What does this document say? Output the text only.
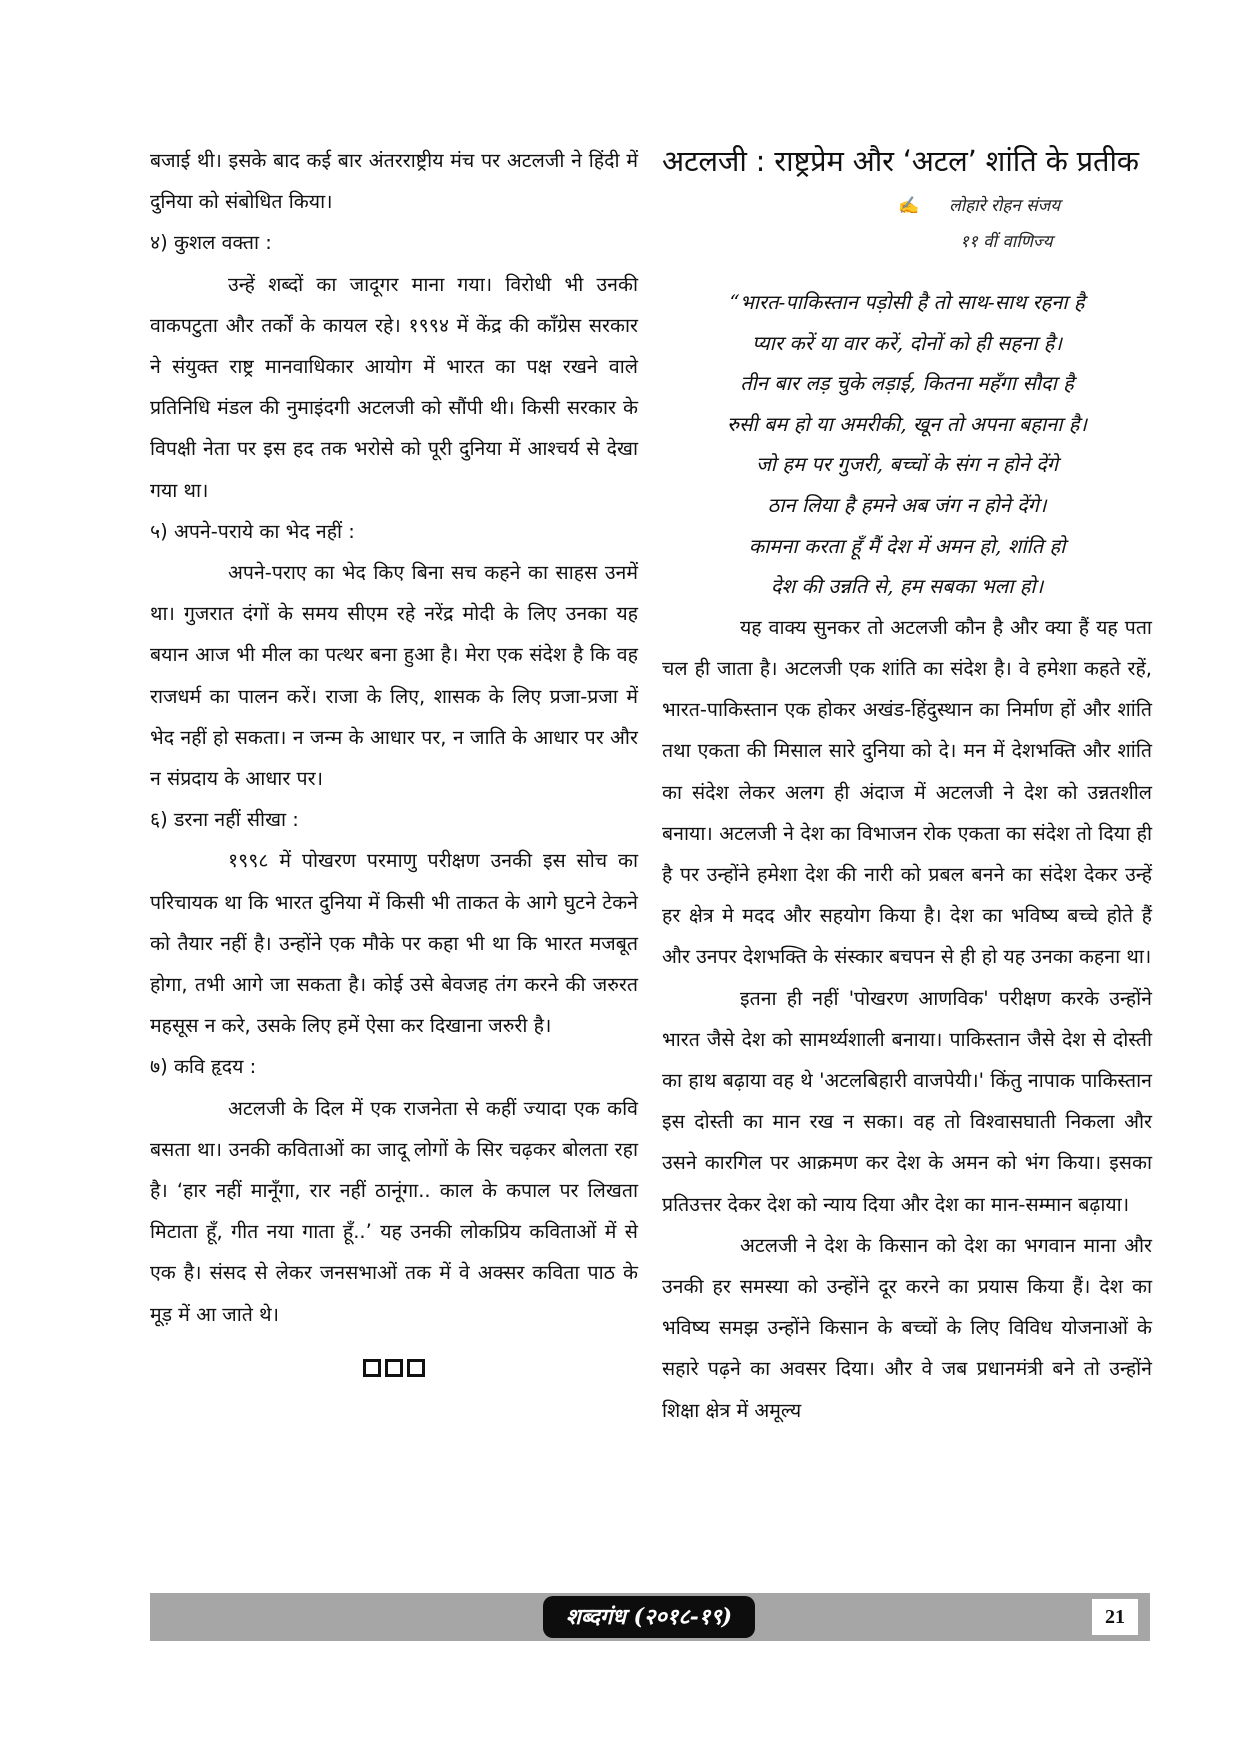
बजाई थी। इसके बाद कई बार अंतरराष्ट्रीय मंच पर अटलजी ने हिंदी में दुनिया को संबोधित किया।

४) कुशल वक्ता :

उन्हें शब्दों का जादूगर माना गया। विरोधी भी उनकी वाकपटुता और तर्कों के कायल रहे। १९९४ में केंद्र की काँग्रेस सरकार ने संयुक्त राष्ट्र मानवाधिकार आयोग में भारत का पक्ष रखने वाले प्रतिनिधि मंडल की नुमाइंदगी अटलजी को सौंपी थी। किसी सरकार के विपक्षी नेता पर इस हद तक भरोसे को पूरी दुनिया में आश्चर्य से देखा गया था।

५) अपने-पराये का भेद नहीं :

अपने-पराए का भेद किए बिना सच कहने का साहस उनमें था। गुजरात दंगों के समय सीएम रहे नरेंद्र मोदी के लिए उनका यह बयान आज भी मील का पत्थर बना हुआ है। मेरा एक संदेश है कि वह राजधर्म का पालन करें। राजा के लिए, शासक के लिए प्रजा-प्रजा में भेद नहीं हो सकता। न जन्म के आधार पर, न जाति के आधार पर और न संप्रदाय के आधार पर।

६) डरना नहीं सीखा :

१९९८ में पोखरण परमाणु परीक्षण उनकी इस सोच का परिचायक था कि भारत दुनिया में किसी भी ताकत के आगे घुटने टेकने को तैयार नहीं है। उन्होंने एक मौके पर कहा भी था कि भारत मजबूत होगा, तभी आगे जा सकता है। कोई उसे बेवजह तंग करने की जरुरत महसूस न करे, उसके लिए हमें ऐसा कर दिखाना जरुरी है।

७) कवि हृदय :

अटलजी के दिल में एक राजनेता से कहीं ज्यादा एक कवि बसता था। उनकी कविताओं का जादू लोगों के सिर चढ़कर बोलता रहा है। ‘हार नहीं मानूँगा, रार नहीं ठानूंगा.. काल के कपाल पर लिखता मिटाता हूँ, गीत नया गाता हूँ..’ यह उनकी लोकप्रिय कविताओं में से एक है। संसद से लेकर जनसभाओं तक में वे अक्सर कविता पाठ के मूड़ में आ जाते थे।

अटलजी : राष्ट्रप्रेम और ‘अटल’ शांति के प्रतीक
✍ लोहारे रोहन संजय
११ वीं वाणिज्य
“भारत-पाकिस्तान पड़ोसी है तो साथ-साथ रहना है
प्यार करें या वार करें, दोनों को ही सहना है।
तीन बार लड़ चुके लड़ाई, कितना महँगा सौदा है
रुसी बम हो या अमरीकी, खून तो अपना बहाना है।
जो हम पर गुजरी, बच्चों के संग न होने देंगे
ठान लिया है हमने अब जंग न होने देंगे।
कामना करता हूँ मैं देश में अमन हो, शांति हो
देश की उन्नति से, हम सबका भला हो।

यह वाक्य सुनकर तो अटलजी कौन है और क्या हैं यह पता चल ही जाता है। अटलजी एक शांति का संदेश है। वे हमेशा कहते रहें, भारत-पाकिस्तान एक होकर अखंड-हिंदुस्थान का निर्माण हों और शांति तथा एकता की मिसाल सारे दुनिया को दे। मन में देशभक्ति और शांति का संदेश लेकर अलग ही अंदाज में अटलजी ने देश को उन्नतशील बनाया। अटलजी ने देश का विभाजन रोक एकता का संदेश तो दिया ही है पर उन्होंने हमेशा देश की नारी को प्रबल बनने का संदेश देकर उन्हें हर क्षेत्र मे मदद और सहयोग किया है। देश का भविष्य बच्चे होते हैं और उनपर देशभक्ति के संस्कार बचपन से ही हो यह उनका कहना था।

इतना ही नहीं 'पोखरण आणविक' परीक्षण करके उन्होंने भारत जैसे देश को सामर्थ्यशाली बनाया। पाकिस्तान जैसे देश से दोस्ती का हाथ बढ़ाया वह थे 'अटलबिहारी वाजपेयी।' किंतु नापाक पाकिस्तान इस दोस्ती का मान रख न सका। वह तो विश्वासघाती निकला और उसने कारगिल पर आक्रमण कर देश के अमन को भंग किया। इसका प्रतिउत्तर देकर देश को न्याय दिया और देश का मान-सम्मान बढ़ाया।

अटलजी ने देश के किसान को देश का भगवान माना और उनकी हर समस्या को उन्होंने दूर करने का प्रयास किया हैं। देश का भविष्य समझ उन्होंने किसान के बच्चों के लिए विविध योजनाओं के सहारे पढ़ने का अवसर दिया। और वे जब प्रधानमंत्री बने तो उन्होंने शिक्षा क्षेत्र में अमूल्य

शब्दगंध (२०१८-१९)	21
